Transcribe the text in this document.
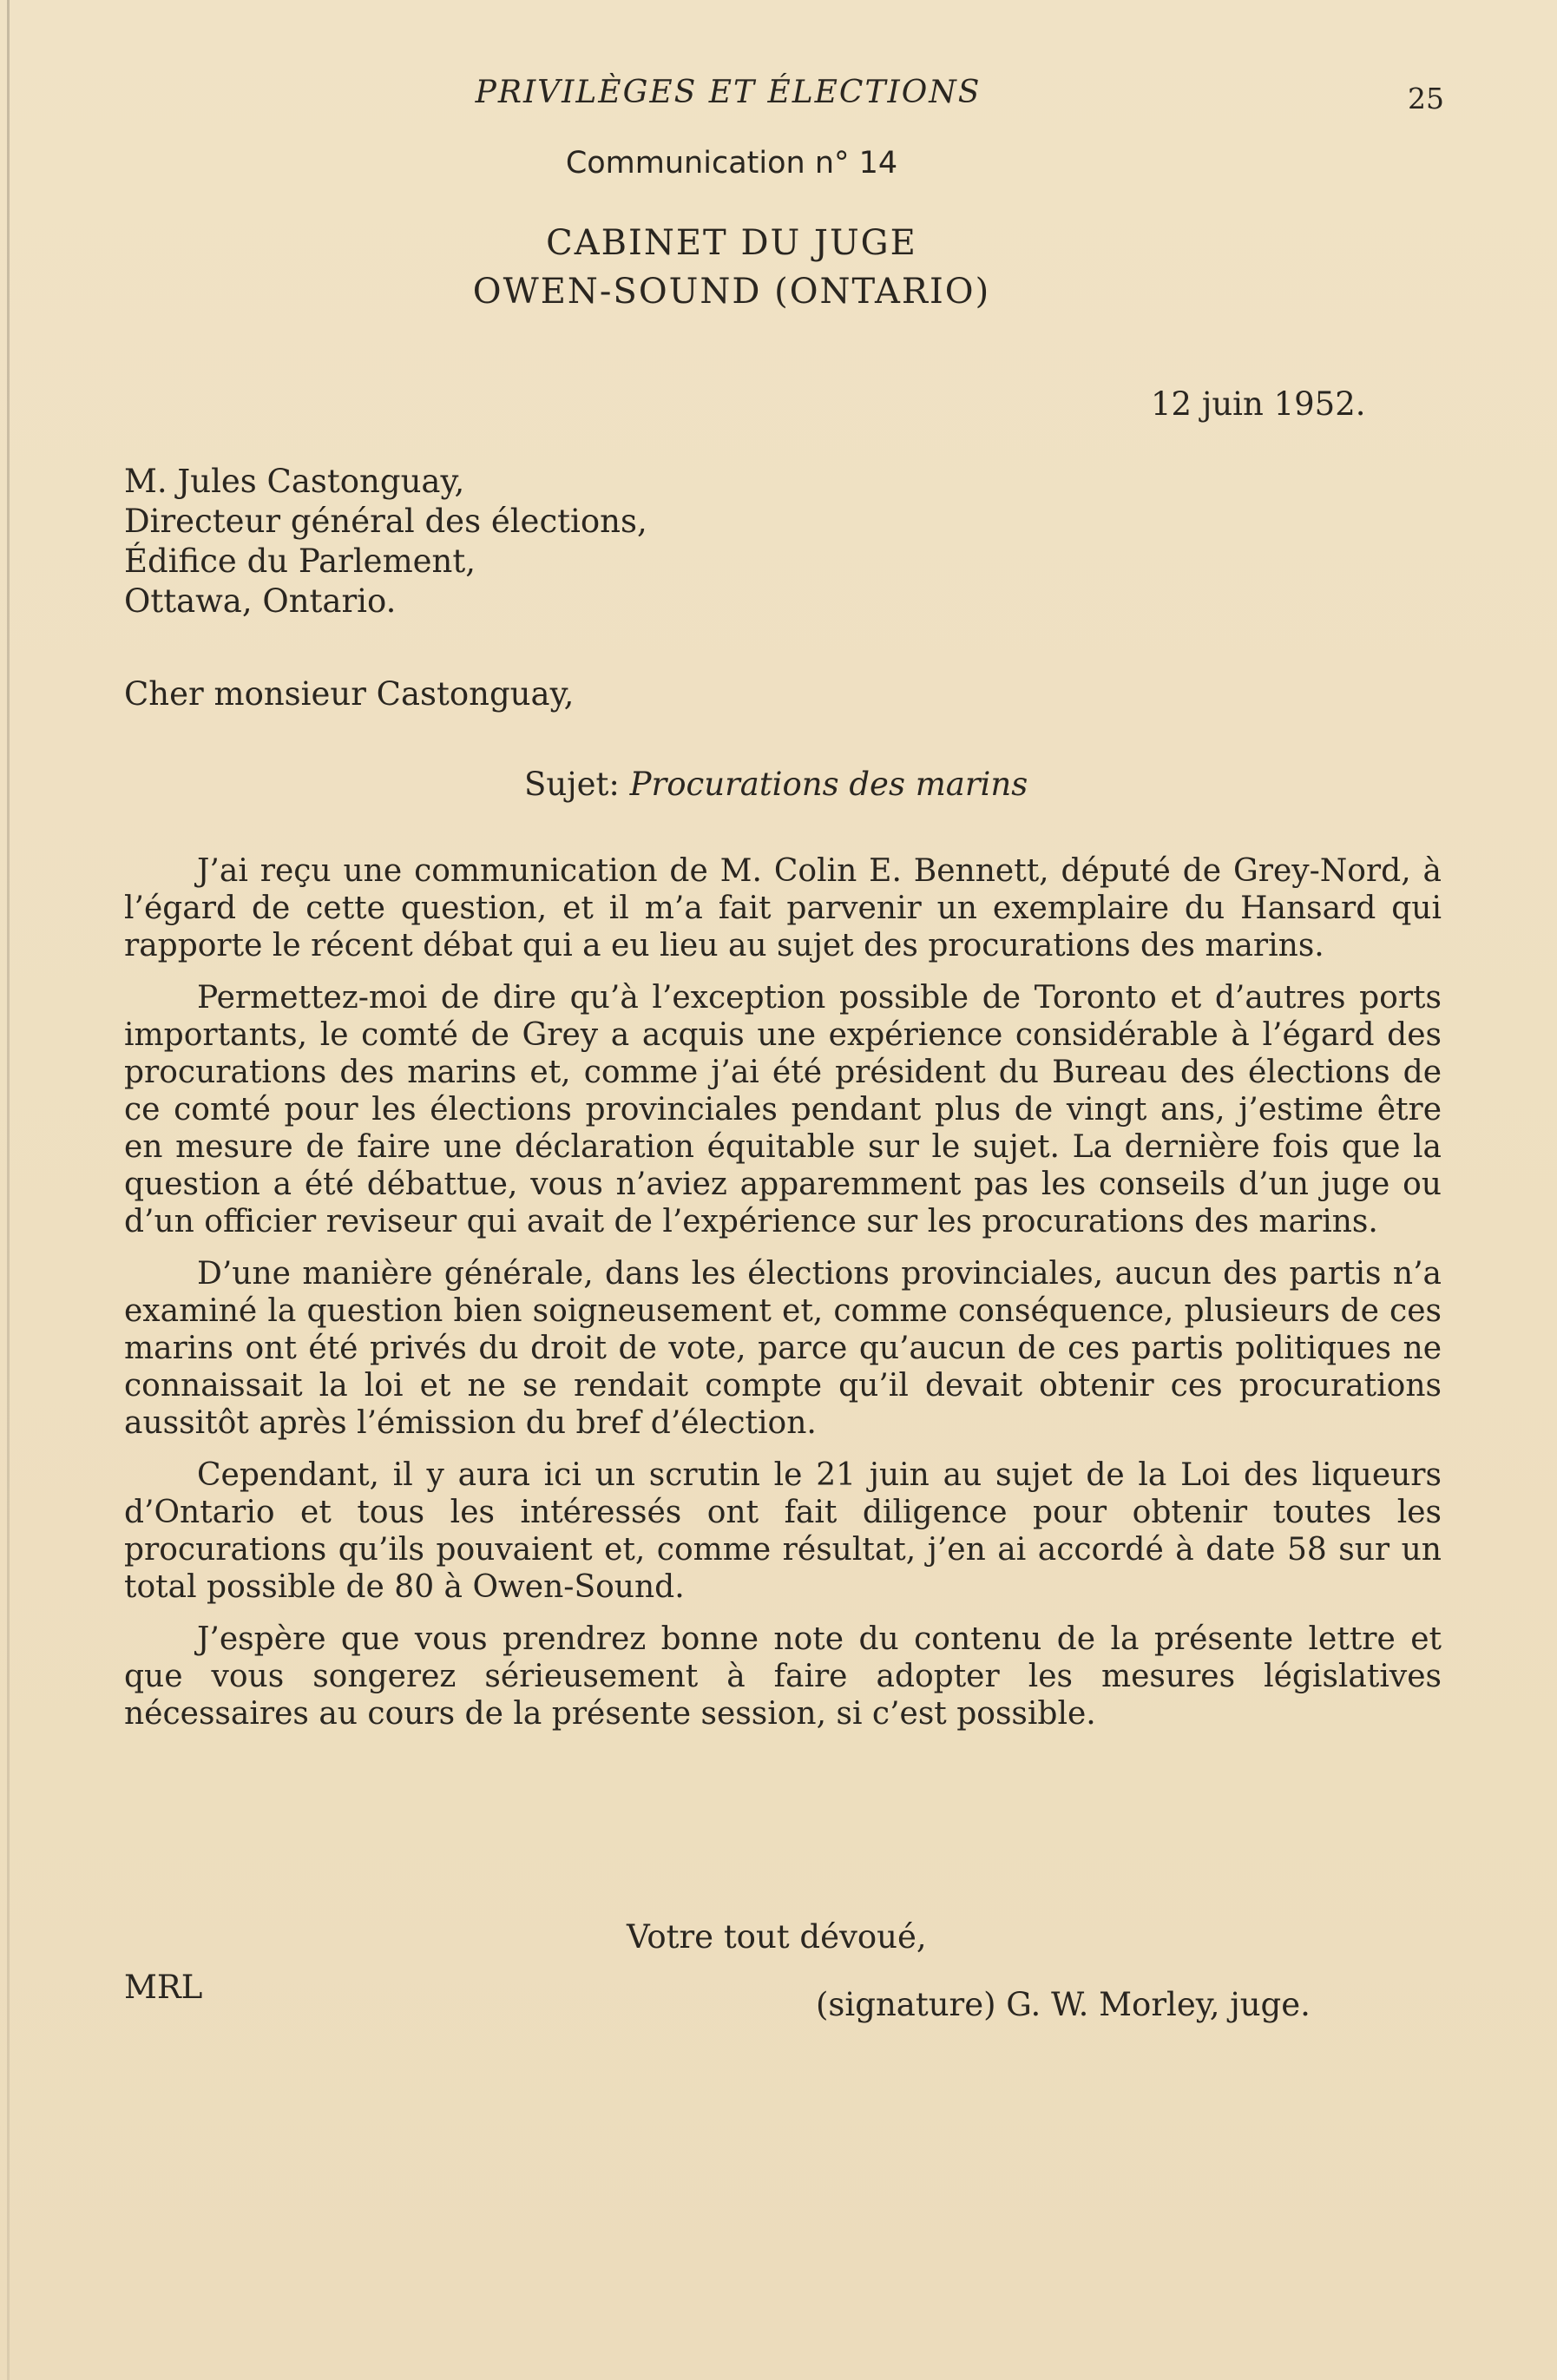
PRIVILÈGES ET ÉLECTIONS	25
Communication n° 14
CABINET DU JUGE
OWEN-SOUND (ONTARIO)
12 juin 1952.
M. Jules Castonguay,
Directeur général des élections,
Édifice du Parlement,
Ottawa, Ontario.
Cher monsieur Castonguay,
Sujet: Procurations des marins

J’ai reçu une communication de M. Colin E. Bennett, député de Grey-Nord, à l’égard de cette question, et il m’a fait parvenir un exemplaire du Hansard qui rapporte le récent débat qui a eu lieu au sujet des procurations des marins.

Permettez-moi de dire qu’à l’exception possible de Toronto et d’autres ports importants, le comté de Grey a acquis une expérience considérable à l’égard des procurations des marins et, comme j’ai été président du Bureau des élections de ce comté pour les élections provinciales pendant plus de vingt ans, j’estime être en mesure de faire une déclaration équitable sur le sujet. La dernière fois que la question a été débattue, vous n’aviez apparemment pas les conseils d’un juge ou d’un officier reviseur qui avait de l’expérience sur les procurations des marins.

D’une manière générale, dans les élections provinciales, aucun des partis n’a examiné la question bien soigneusement et, comme conséquence, plusieurs de ces marins ont été privés du droit de vote, parce qu’aucun de ces partis politiques ne connaissait la loi et ne se rendait compte qu’il devait obtenir ces procurations aussitôt après l’émission du bref d’élection.

Cependant, il y aura ici un scrutin le 21 juin au sujet de la Loi des liqueurs d’Ontario et tous les intéressés ont fait diligence pour obtenir toutes les procurations qu’ils pouvaient et, comme résultat, j’en ai accordé à date 58 sur un total possible de 80 à Owen-Sound.

J’espère que vous prendrez bonne note du contenu de la présente lettre et que vous songerez sérieusement à faire adopter les mesures législatives nécessaires au cours de la présente session, si c’est possible.

Votre tout dévoué,
MRL	(signature) G. W. Morley, juge.
